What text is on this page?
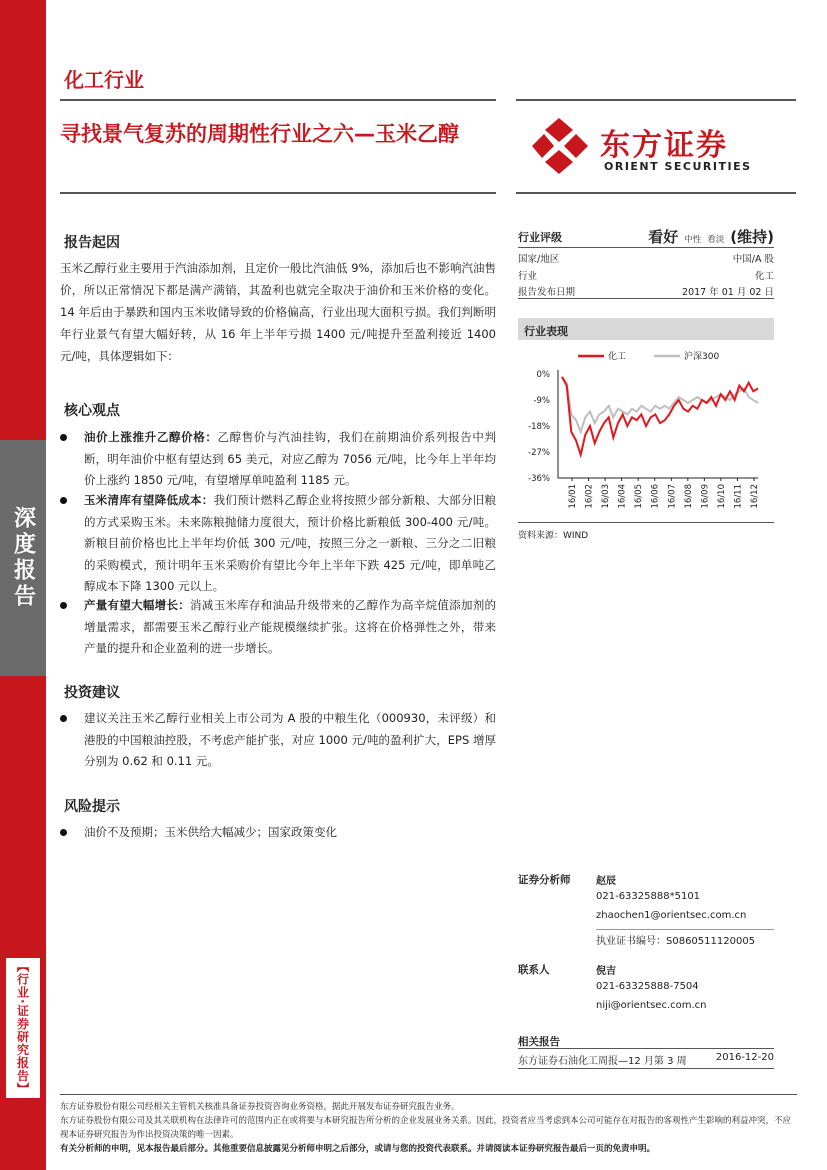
深度报告
【行业·证券研究报告】
化工行业
寻找景气复苏的周期性行业之六—玉米乙醇	东方证券
ORIENT SECURITIES
报告起因
玉米乙醇行业主要用于汽油添加剂，且定价一般比汽油低 9%，添加后也不影响汽油售价，所以正常情况下都是满产满销，其盈利也就完全取决于油价和玉米价格的变化。14 年后由于暴跌和国内玉米收储导致的价格偏高，行业出现大面积亏损。我们判断明年行业景气有望大幅好转，从 16 年上半年亏损 1400 元/吨提升至盈利接近 1400 元/吨，具体逻辑如下：
核心观点
油价上涨推升乙醇价格：乙醇售价与汽油挂钩，我们在前期油价系列报告中判断，明年油价中枢有望达到 65 美元，对应乙醇为 7056 元/吨，比今年上半年均价上涨约 1850 元/吨，有望增厚单吨盈利 1185 元。
玉米清库有望降低成本：我们预计燃料乙醇企业将按照少部分新粮、大部分旧粮的方式采购玉米。未来陈粮抛储力度很大，预计价格比新粮低 300-400 元/吨。新粮目前价格也比上半年均价低 300 元/吨，按照三分之一新粮、三分之二旧粮的采购模式，预计明年玉米采购价有望比今年上半年下跌 425 元/吨，即单吨乙醇成本下降 1300 元以上。
产量有望大幅增长：消减玉米库存和油品升级带来的乙醇作为高辛烷值添加剂的增量需求，都需要玉米乙醇行业产能规模继续扩张。这将在价格弹性之外，带来产量的提升和企业盈利的进一步增长。
投资建议
建议关注玉米乙醇行业相关上市公司为 A 股的中粮生化（000930，未评级）和港股的中国粮油控股，不考虑产能扩张，对应 1000 元/吨的盈利扩大，EPS 增厚分别为 0.62 和 0.11 元。
风险提示
油价不及预期；玉米供给大幅减少；国家政策变化
行业评级	看好 中性 看淡 (维持)
国家/地区	中国/A 股
行业	化工
报告发布日期	2017 年 01 月 02 日
行业表现
化工	沪深300
0%
-9%
-18%
-27%
-36%
16/01 16/02 16/03 16/04 16/05 16/06 16/07 16/08 16/09 16/10 16/11 16/12
资料来源：WIND
证券分析师	赵辰
021-63325888*5101
zhaochen1@orientsec.com.cn
执业证书编号：S0860511120005
联系人	倪吉
021-63325888-7504
niji@orientsec.com.cn
相关报告
东方证券石油化工周报—12 月第 3 周	2016-12-20
东方证券股份有限公司经相关主管机关核准具备证券投资咨询业务资格，据此开展发布证券研究报告业务。
东方证券股份有限公司及其关联机构在法律许可的范围内正在或将要与本研究报告所分析的企业发展业务关系。因此，投资者应当考虑到本公司可能存在对报告的客观性产生影响的利益冲突，不应视本证券研究报告为作出投资决策的唯一因素。
有关分析师的申明，见本报告最后部分。其他重要信息披露见分析师申明之后部分，或请与您的投资代表联系。并请阅读本证券研究报告最后一页的免责申明。
